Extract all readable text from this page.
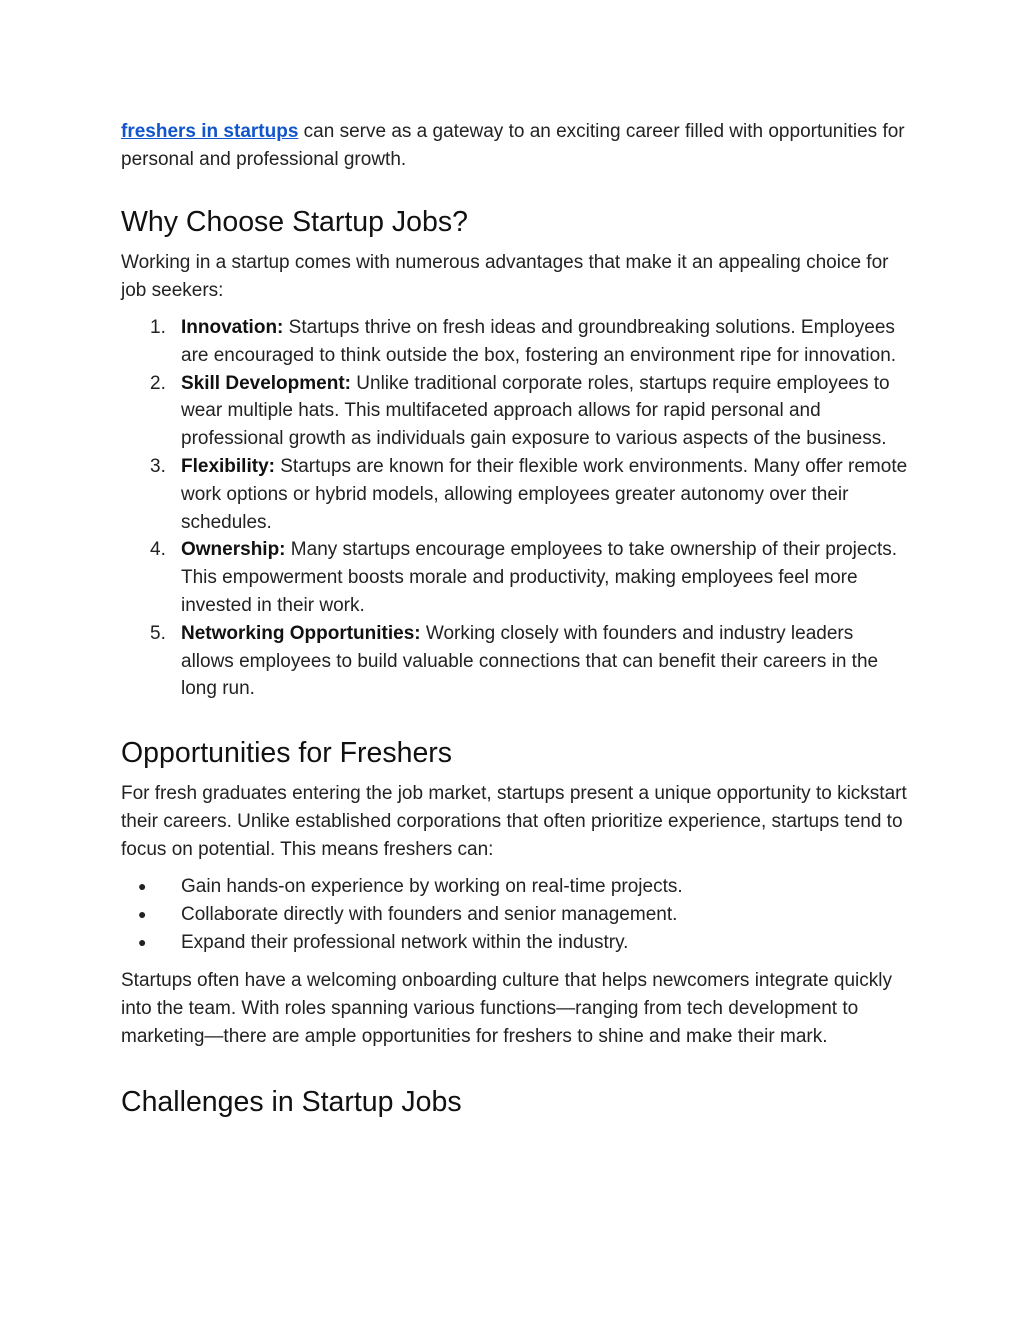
freshers in startups can serve as a gateway to an exciting career filled with opportunities for personal and professional growth.

Why Choose Startup Jobs?

Working in a startup comes with numerous advantages that make it an appealing choice for job seekers:

1. Innovation: Startups thrive on fresh ideas and groundbreaking solutions. Employees are encouraged to think outside the box, fostering an environment ripe for innovation.
2. Skill Development: Unlike traditional corporate roles, startups require employees to wear multiple hats. This multifaceted approach allows for rapid personal and professional growth as individuals gain exposure to various aspects of the business.
3. Flexibility: Startups are known for their flexible work environments. Many offer remote work options or hybrid models, allowing employees greater autonomy over their schedules.
4. Ownership: Many startups encourage employees to take ownership of their projects. This empowerment boosts morale and productivity, making employees feel more invested in their work.
5. Networking Opportunities: Working closely with founders and industry leaders allows employees to build valuable connections that can benefit their careers in the long run.
Opportunities for Freshers

For fresh graduates entering the job market, startups present a unique opportunity to kickstart their careers. Unlike established corporations that often prioritize experience, startups tend to focus on potential. This means freshers can:

● Gain hands-on experience by working on real-time projects.
● Collaborate directly with founders and senior management.
● Expand their professional network within the industry.

Startups often have a welcoming onboarding culture that helps newcomers integrate quickly into the team. With roles spanning various functions—ranging from tech development to marketing—there are ample opportunities for freshers to shine and make their mark.

Challenges in Startup Jobs
